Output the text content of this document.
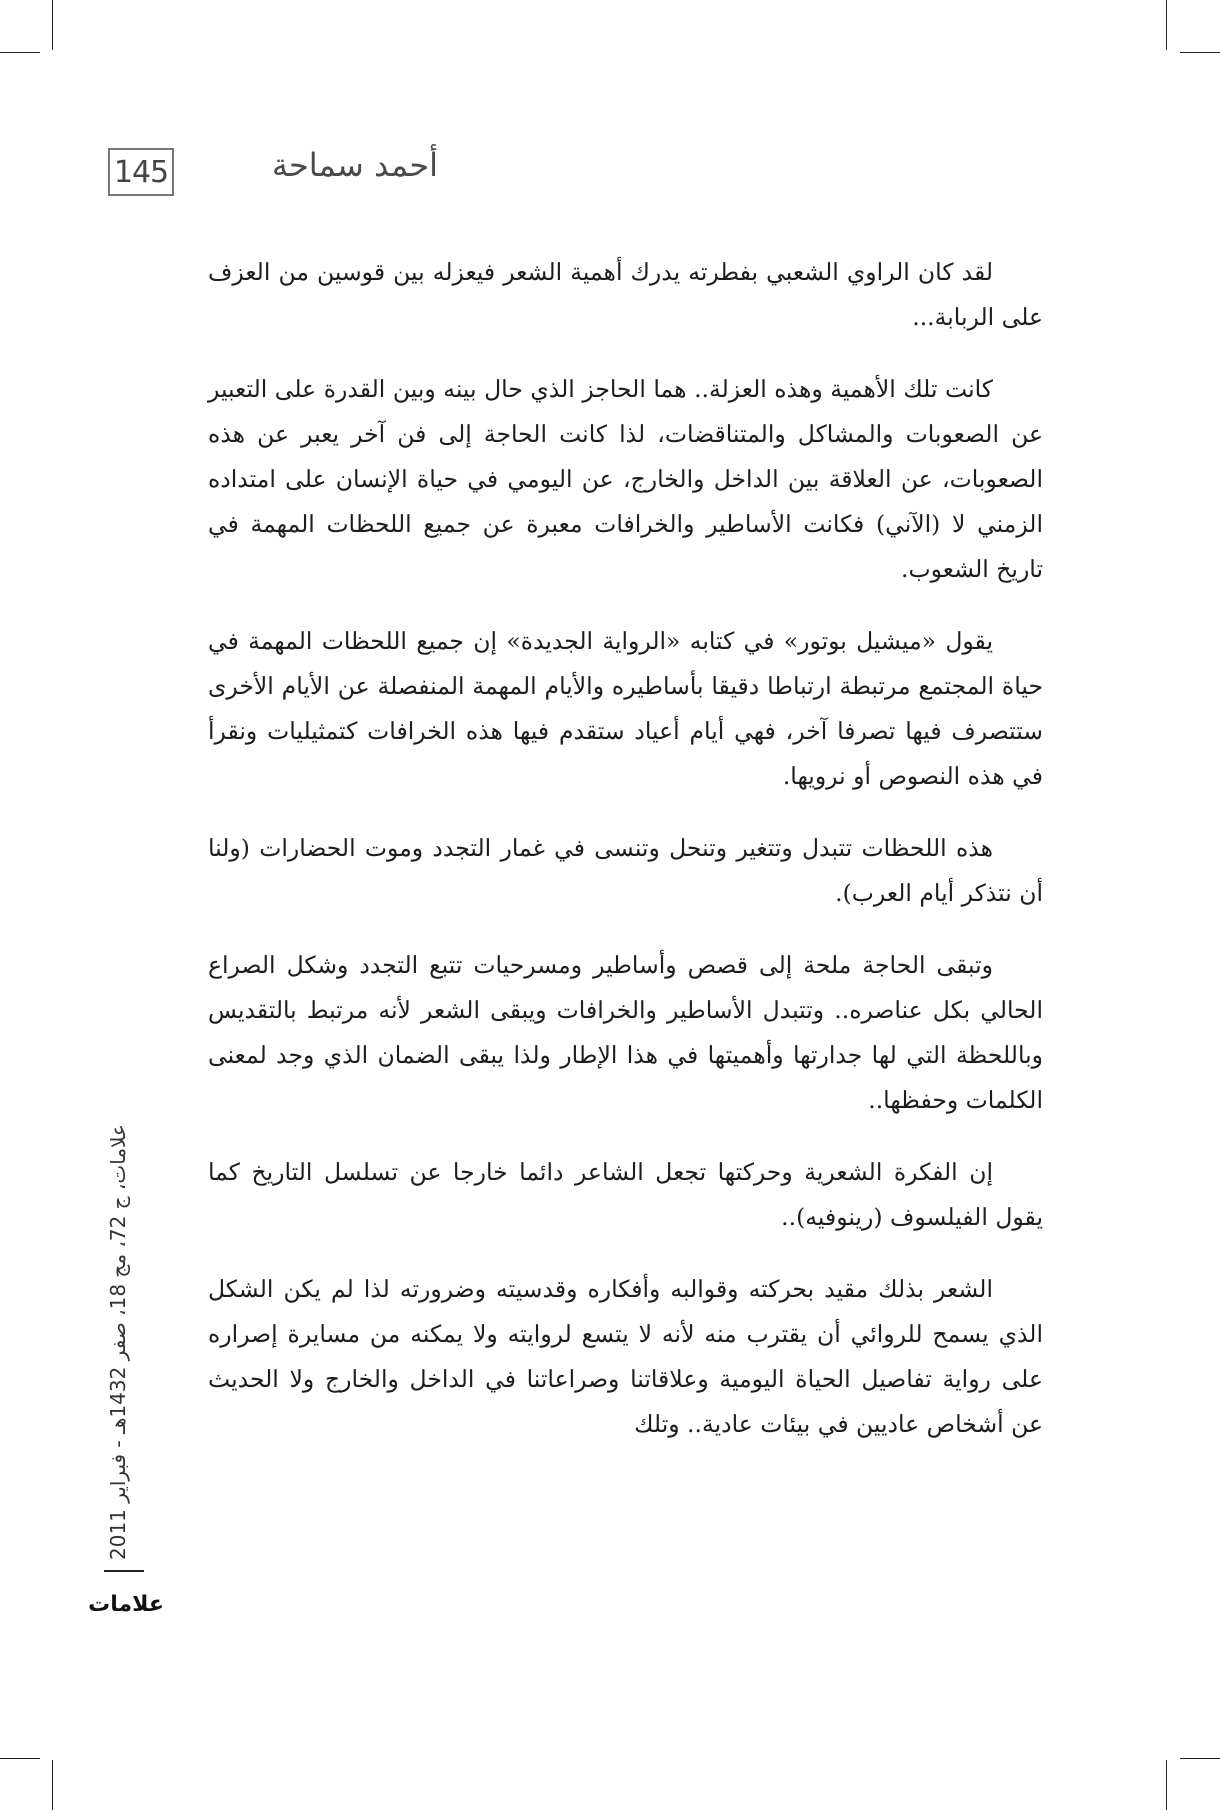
145	أحمد سماحة

لقد كان الراوي الشعبي بفطرته يدرك أهمية الشعر فيعزله بين قوسين من العزف على الربابة...

كانت تلك الأهمية وهذه العزلة.. هما الحاجز الذي حال بينه وبين القدرة على التعبير عن الصعوبات والمشاكل والمتناقضات، لذا كانت الحاجة إلى فن آخر يعبر عن هذه الصعوبات، عن العلاقة بين الداخل والخارج، عن اليومي في حياة الإنسان على امتداده الزمني لا (الآني) فكانت الأساطير والخرافات معبرة عن جميع اللحظات المهمة في تاريخ الشعوب.

يقول «ميشيل بوتور» في كتابه «الرواية الجديدة» إن جميع اللحظات المهمة في حياة المجتمع مرتبطة ارتباطا دقيقا بأساطيره والأيام المهمة المنفصلة عن الأيام الأخرى ستتصرف فيها تصرفا آخر، فهي أيام أعياد ستقدم فيها هذه الخرافات كتمثيليات ونقرأ في هذه النصوص أو نرويها.

هذه اللحظات تتبدل وتتغير وتنحل وتنسى في غمار التجدد وموت الحضارات (ولنا أن نتذكر أيام العرب).

وتبقى الحاجة ملحة إلى قصص وأساطير ومسرحيات تتبع التجدد وشكل الصراع الحالي بكل عناصره.. وتتبدل الأساطير والخرافات ويبقى الشعر لأنه مرتبط بالتقديس وباللحظة التي لها جدارتها وأهميتها في هذا الإطار ولذا يبقى الضمان الذي وجد لمعنى الكلمات وحفظها..

إن الفكرة الشعرية وحركتها تجعل الشاعر دائما خارجا عن تسلسل التاريخ كما يقول الفيلسوف (رينوفيه)..

الشعر بذلك مقيد بحركته وقوالبه وأفكاره وقدسيته وضرورته لذا لم يكن الشكل الذي يسمح للروائي أن يقترب منه لأنه لا يتسع لروايته ولا يمكنه من مسايرة إصراره على رواية تفاصيل الحياة اليومية وعلاقاتنا وصراعاتنا في الداخل والخارج ولا الحديث عن أشخاص عاديين في بيئات عادية.. وتلك

علامات، ج 72، مج 18، صفر 1432هـ - فبراير 2011
علامات
